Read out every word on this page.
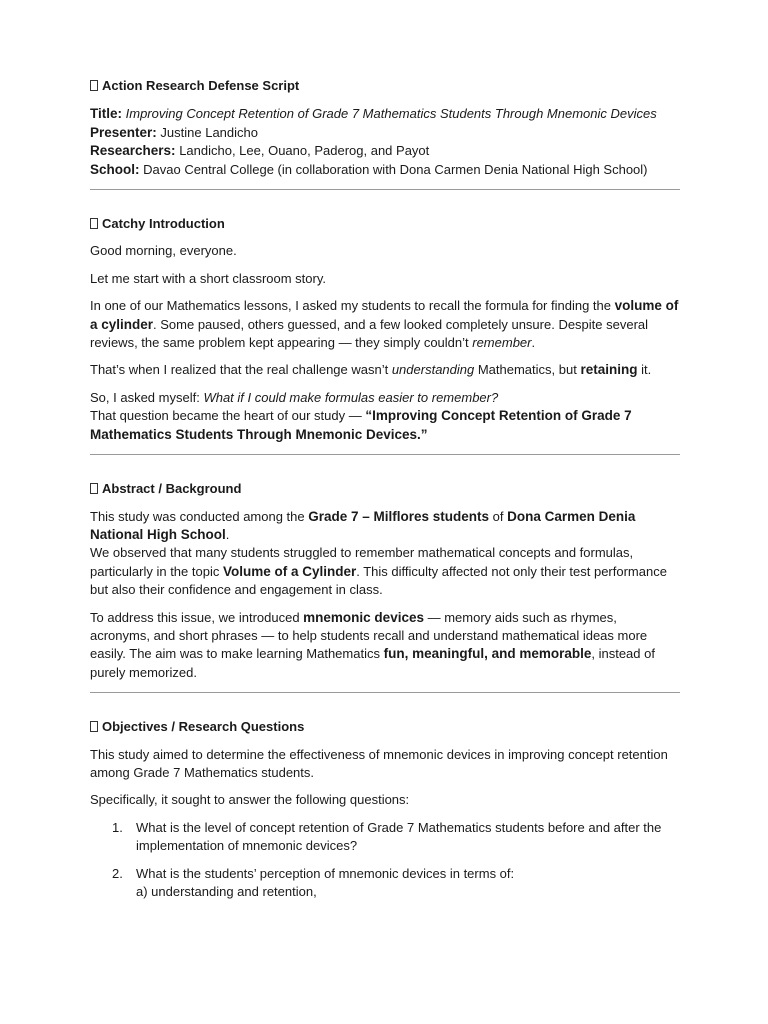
Action Research Defense Script

Title: Improving Concept Retention of Grade 7 Mathematics Students Through Mnemonic Devices

Presenter: Justine Landicho

Researchers: Landicho, Lee, Ouano, Paderog, and Payot

School: Davao Central College (in collaboration with Dona Carmen Denia National High School)

Catchy Introduction

Good morning, everyone.

Let me start with a short classroom story.

In one of our Mathematics lessons, I asked my students to recall the formula for finding the volume of a cylinder. Some paused, others guessed, and a few looked completely unsure. Despite several reviews, the same problem kept appearing — they simply couldn’t remember.

That’s when I realized that the real challenge wasn’t understanding Mathematics, but retaining it.

So, I asked myself: What if I could make formulas easier to remember?
That question became the heart of our study — “Improving Concept Retention of Grade 7 Mathematics Students Through Mnemonic Devices.”

Abstract / Background

This study was conducted among the Grade 7 – Milflores students of Dona Carmen Denia National High School.
We observed that many students struggled to remember mathematical concepts and formulas, particularly in the topic Volume of a Cylinder. This difficulty affected not only their test performance but also their confidence and engagement in class.

To address this issue, we introduced mnemonic devices — memory aids such as rhymes, acronyms, and short phrases — to help students recall and understand mathematical ideas more easily. The aim was to make learning Mathematics fun, meaningful, and memorable, instead of purely memorized.

Objectives / Research Questions

This study aimed to determine the effectiveness of mnemonic devices in improving concept retention among Grade 7 Mathematics students.

Specifically, it sought to answer the following questions:

1. What is the level of concept retention of Grade 7 Mathematics students before and after the implementation of mnemonic devices?
2. What is the students’ perception of mnemonic devices in terms of:
a) understanding and retention,
